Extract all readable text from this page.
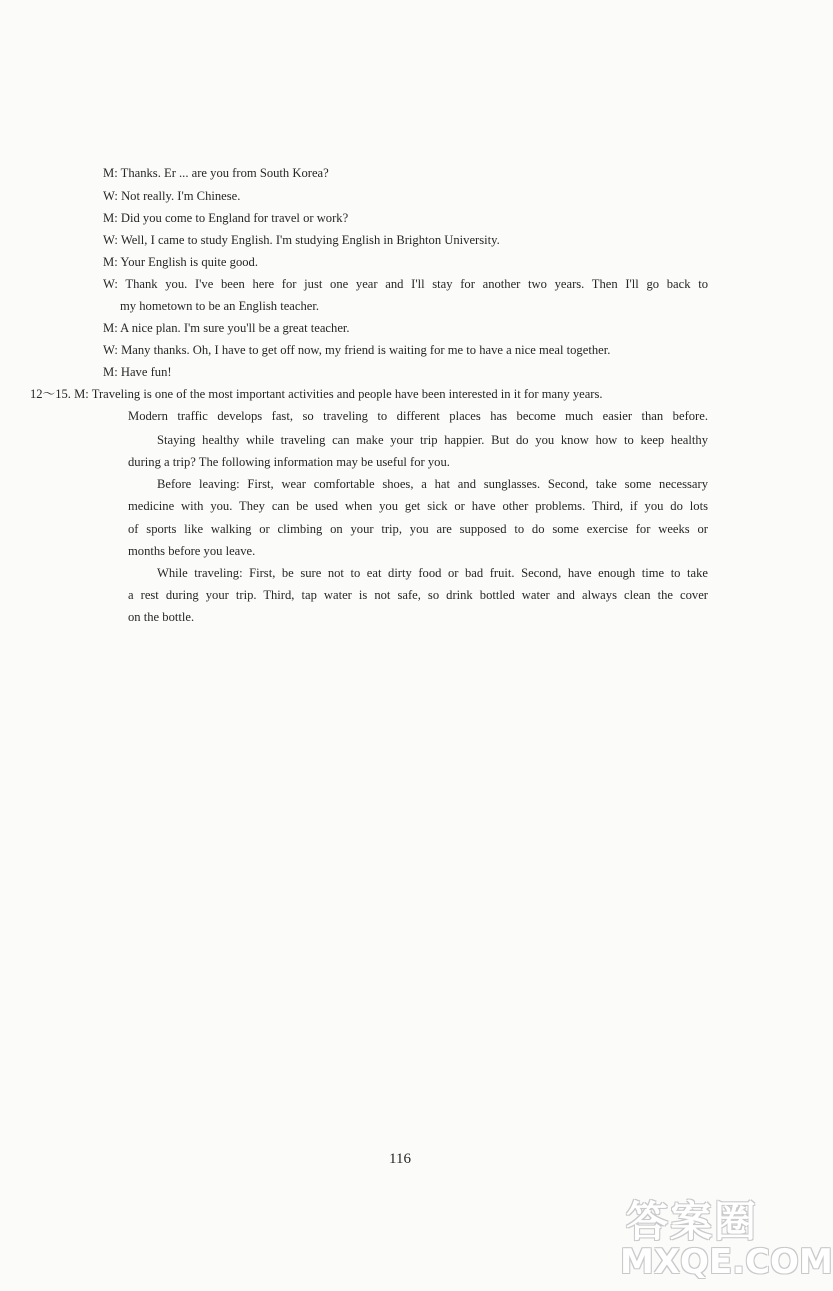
M: Thanks. Er ... are you from South Korea?
W: Not really. I'm Chinese.
M: Did you come to England for travel or work?
W: Well, I came to study English. I'm studying English in Brighton University.
M: Your English is quite good.
W: Thank you. I've been here for just one year and I'll stay for another two years. Then I'll go back to
my hometown to be an English teacher.
M: A nice plan. I'm sure you'll be a great teacher.
W: Many thanks. Oh, I have to get off now, my friend is waiting for me to have a nice meal together.
M: Have fun!
12～15. M: Traveling is one of the most important activities and people have been interested in it for many years.
Modern traffic develops fast, so traveling to different places has become much easier than before.
Staying healthy while traveling can make your trip happier. But do you know how to keep healthy
during a trip? The following information may be useful for you.
Before leaving: First, wear comfortable shoes, a hat and sunglasses. Second, take some necessary
medicine with you. They can be used when you get sick or have other problems. Third, if you do lots
of sports like walking or climbing on your trip, you are supposed to do some exercise for weeks or
months before you leave.
While traveling: First, be sure not to eat dirty food or bad fruit. Second, have enough time to take
a rest during your trip. Third, tap water is not safe, so drink bottled water and always clean the cover
on the bottle.
116
答案圈
MXQE.COM
